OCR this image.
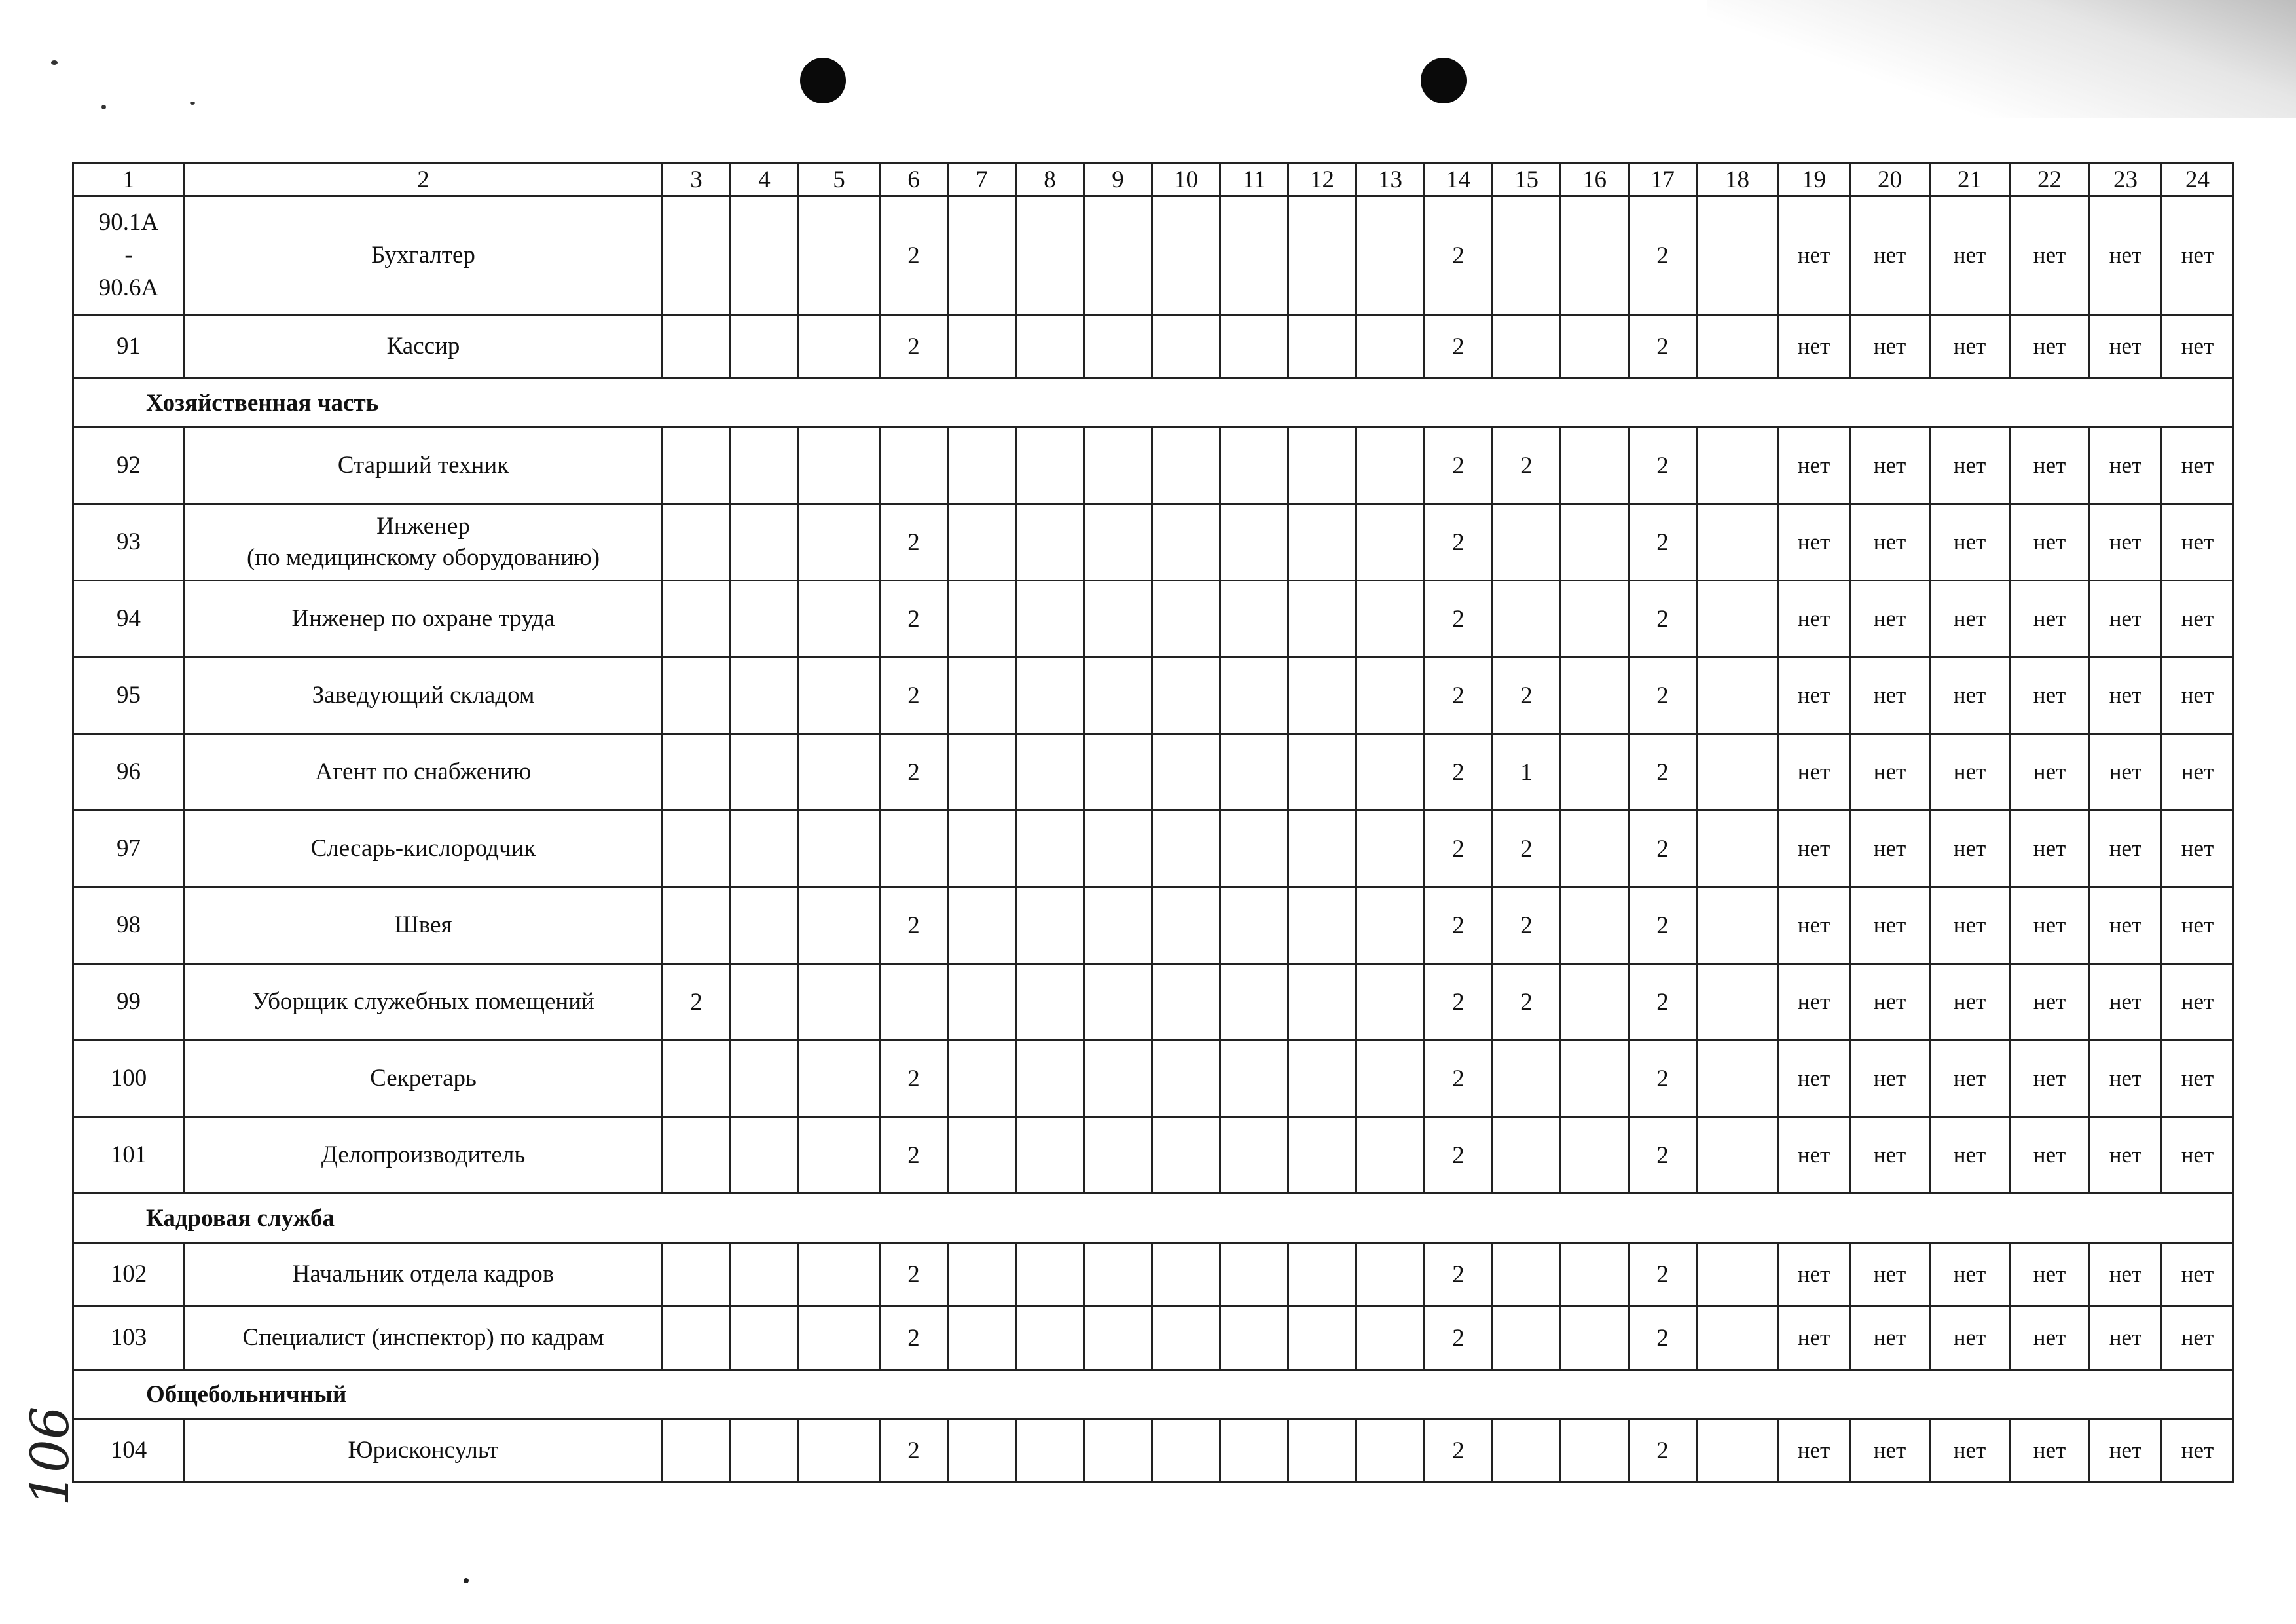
1	2	3	4	5	6	7	8	9	10	11	12	13	14	15	16	17	18	19	20	21	22	23	24
90.1А
-
90.6А	Бухгалтер				2								2			2		нет	нет	нет	нет	нет	нет
91	Кассир				2								2			2		нет	нет	нет	нет	нет	нет
Хозяйственная часть																							
92	Старший техник												2	2		2		нет	нет	нет	нет	нет	нет
93	Инженер
(по медицинскому оборудованию)				2								2			2		нет	нет	нет	нет	нет	нет
94	Инженер по охране труда				2								2			2		нет	нет	нет	нет	нет	нет
95	Заведующий складом				2								2	2		2		нет	нет	нет	нет	нет	нет
96	Агент по снабжению				2								2	1		2		нет	нет	нет	нет	нет	нет
97	Слесарь-кислородчик												2	2		2		нет	нет	нет	нет	нет	нет
98	Швея				2								2	2		2		нет	нет	нет	нет	нет	нет
99	Уборщик служебных помещений	2											2	2		2		нет	нет	нет	нет	нет	нет
100	Секретарь				2								2			2		нет	нет	нет	нет	нет	нет
101	Делопроизводитель				2								2			2		нет	нет	нет	нет	нет	нет
Кадровая служба																							
102	Начальник отдела кадров				2								2			2		нет	нет	нет	нет	нет	нет
103	Специалист (инспектор) по кадрам				2								2			2		нет	нет	нет	нет	нет	нет
Общебольничный																							
104	Юрисконсульт				2								2			2		нет	нет	нет	нет	нет	нет
106
